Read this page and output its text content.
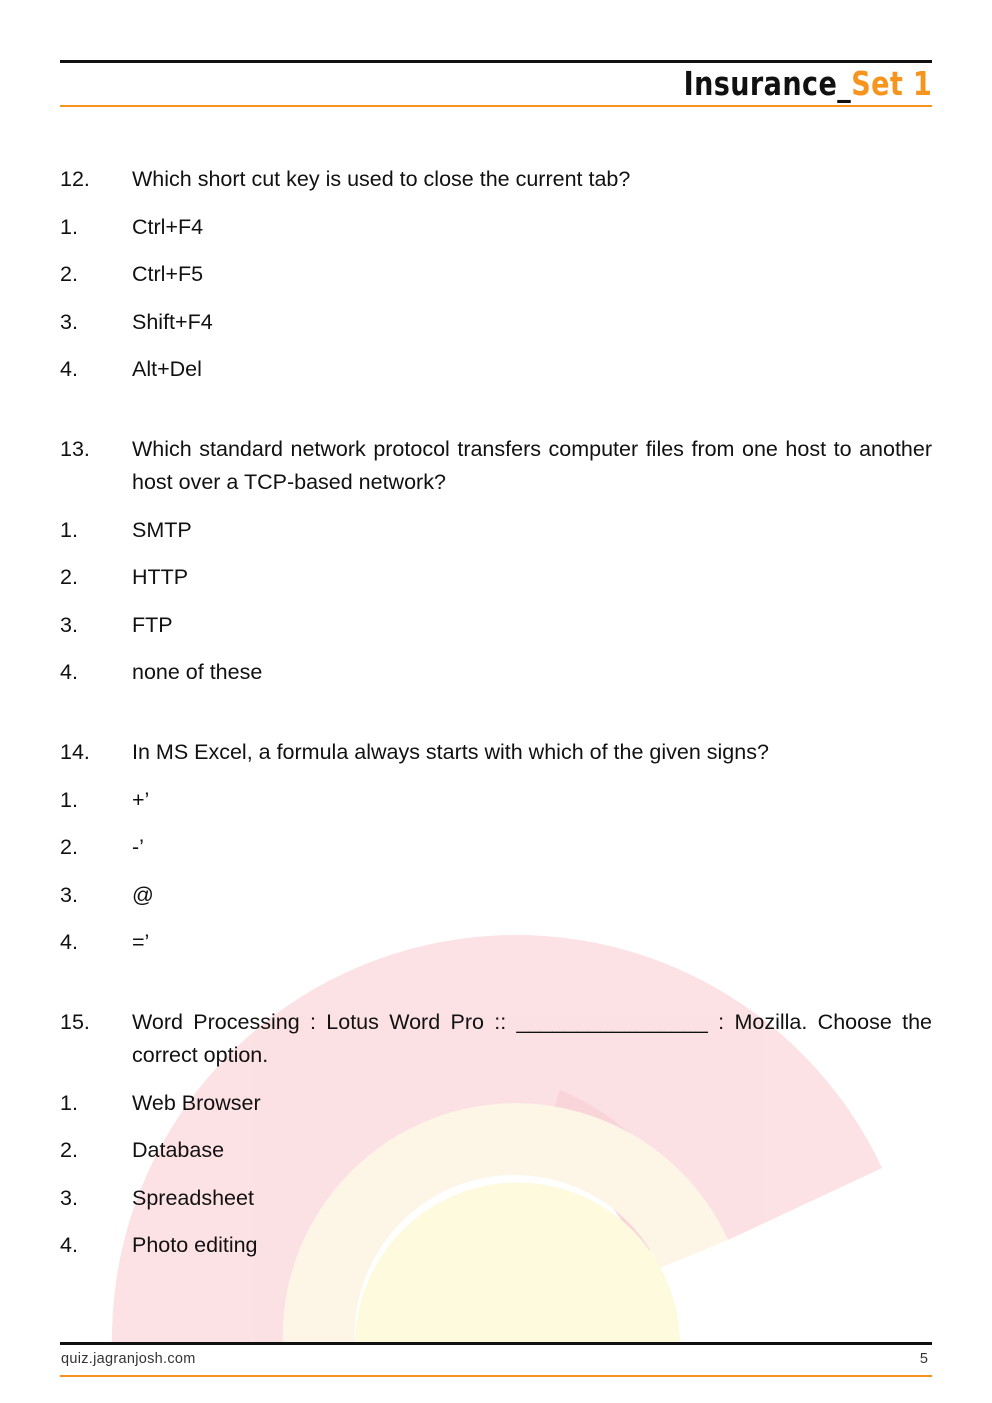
Insurance_Set 1
12.	Which short cut key is used to close the current tab?
1.	Ctrl+F4
2.	Ctrl+F5
3.	Shift+F4
4.	Alt+Del
13.	Which standard network protocol transfers computer files from one host to another host over a TCP-based network?
1.	SMTP
2.	HTTP
3.	FTP
4.	none of these
14.	In MS Excel, a formula always starts with which of the given signs?
1.	+’
2.	-’
3.	@
4.	=’
15.	Word Processing : Lotus Word Pro :: ________________ : Mozilla. Choose the correct option.
1.	Web Browser
2.	Database
3.	Spreadsheet
4.	Photo editing
quiz.jagranjosh.com	5
